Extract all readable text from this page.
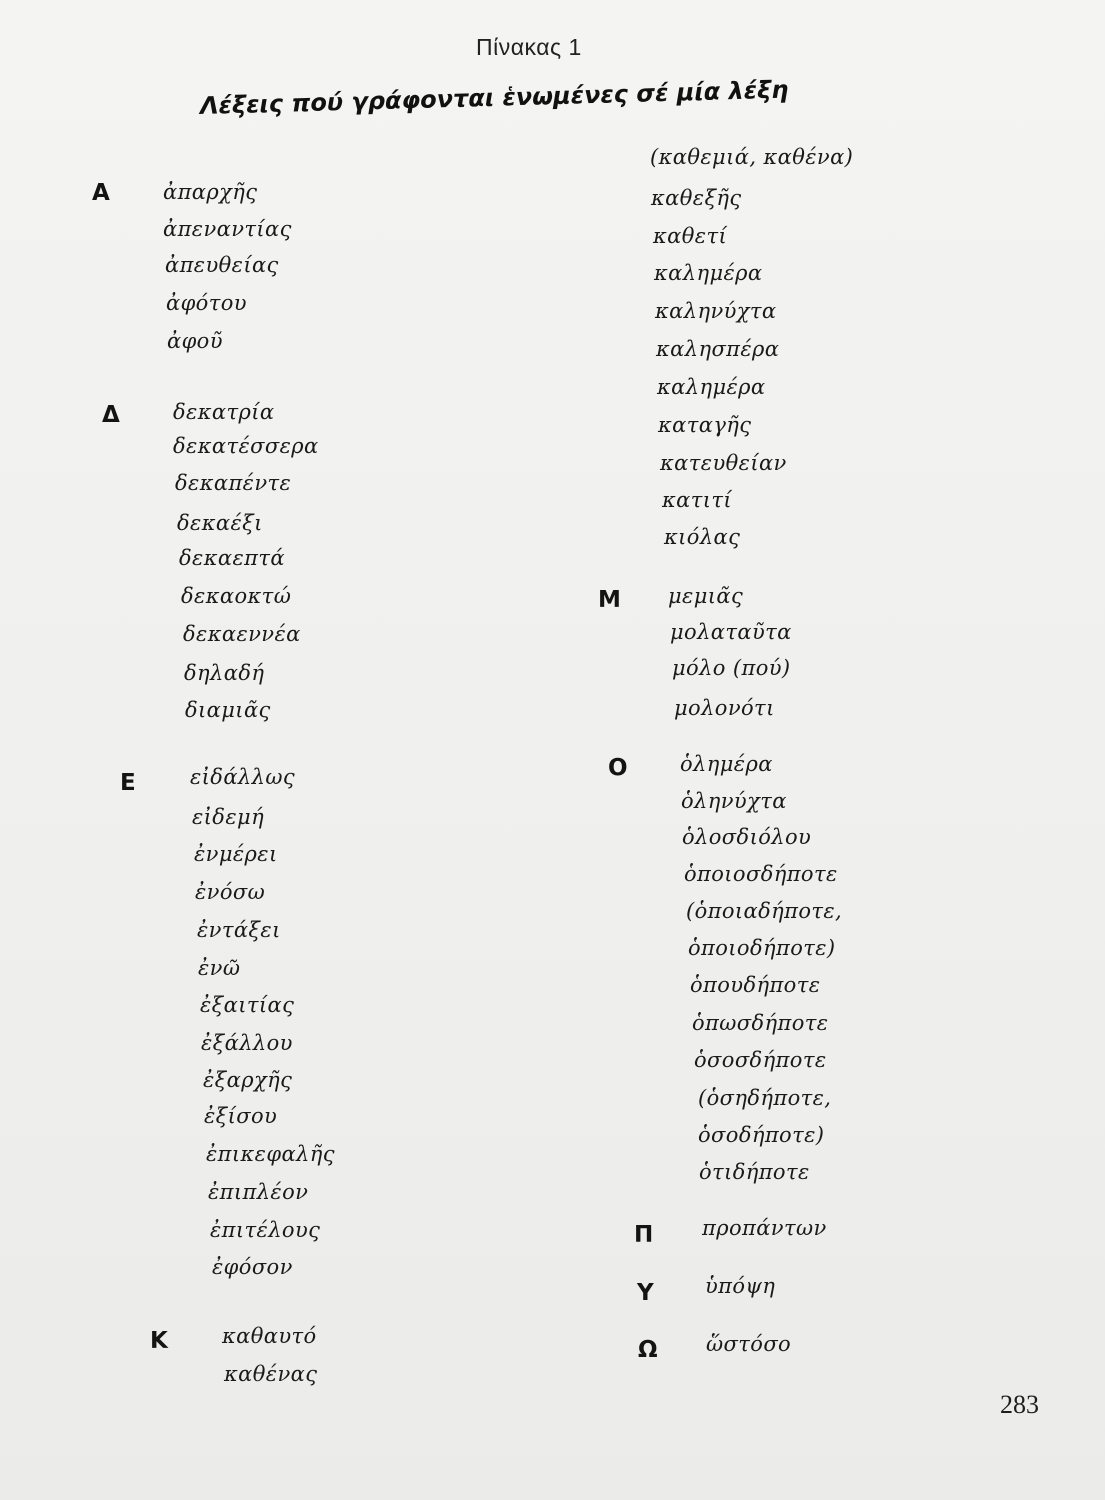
Πίνακας 1
Λέξεις πού γράφονται ἑνωμένες σέ μία λέξη
Α	ἀπαρχῆς
ἀπεναντίας
ἀπευθείας
ἀφότου
ἀφοῦ
Δ	δεκατρία
δεκατέσσερα
δεκαπέντε
δεκαέξι
δεκαεπτά
δεκαοκτώ
δεκαεννέα
δηλαδή
διαμιᾶς
Ε	εἰδάλλως
εἰδεμή
ἐνμέρει
ἐνόσω
ἐντάξει
ἐνῶ
ἐξαιτίας
ἐξάλλου
ἐξαρχῆς
ἐξίσου
ἐπικεφαλῆς
ἐπιπλέον
ἐπιτέλους
ἐφόσον
Κ	καθαυτό
καθένας
(καθεμιά, καθένα)
καθεξῆς
καθετί
καλημέρα
καληνύχτα
καλησπέρα
καλημέρα
καταγῆς
κατευθείαν
κατιτί
κιόλας
Μ μεμιᾶς
μολαταῦτα
μόλο (πού)
μολονότι
Ο ὁλημέρα
ὁληνύχτα
ὁλοσδιόλου
ὁποιοσδήποτε
(ὁποιαδήποτε,
ὁποιοδήποτε)
ὁπουδήποτε
ὁπωσδήποτε
ὁσοσδήποτε
(ὁσηδήποτε,
ὁσοδήποτε)
ὁτιδήποτε
Π προπάντων
Υ ὑπόψη
Ω ὥστόσο
283
